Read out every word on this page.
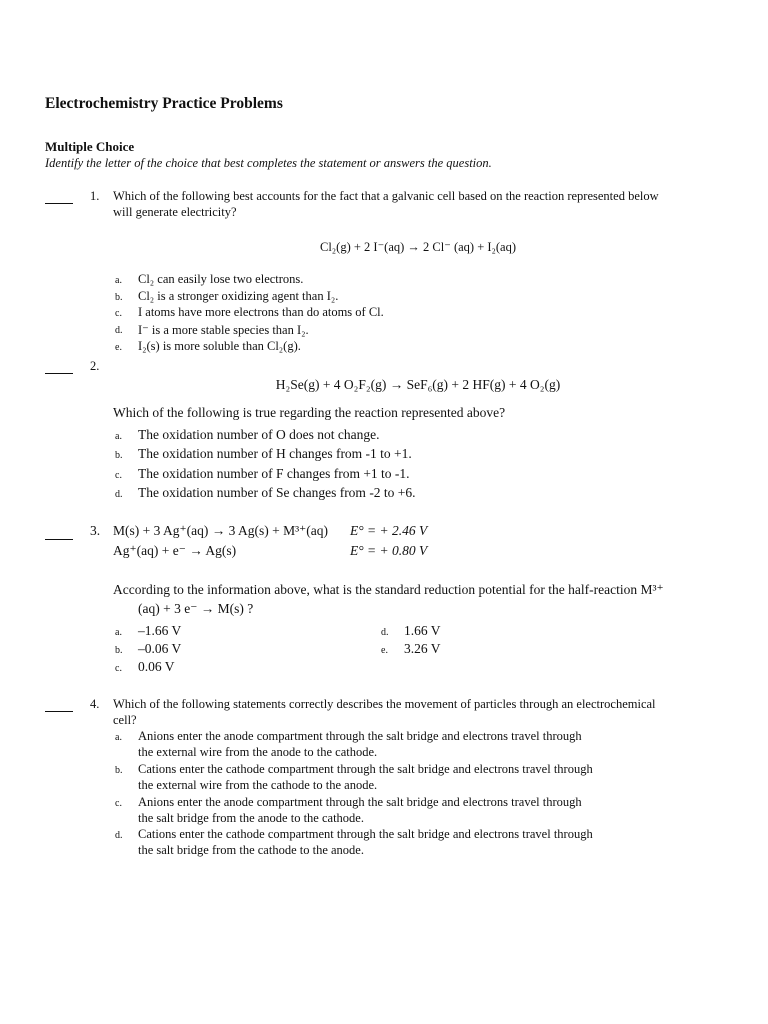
Electrochemistry Practice Problems
Multiple Choice
Identify the letter of the choice that best completes the statement or answers the question.
1. Which of the following best accounts for the fact that a galvanic cell based on the reaction represented below
will generate electricity?
Cl₂(g) + 2 I⁻(aq) → 2 Cl⁻ (aq) + I₂(aq)
a. Cl₂ can easily lose two electrons.
b. Cl₂ is a stronger oxidizing agent than I₂.
c. I atoms have more electrons than do atoms of Cl.
d. I⁻ is a more stable species than I₂.
e. I₂(s) is more soluble than Cl₂(g).
2.
H₂Se(g) + 4 O₂F₂(g) → SeF₆(g) + 2 HF(g) + 4 O₂(g)
Which of the following is true regarding the reaction represented above?
a. The oxidation number of O does not change.
b. The oxidation number of H changes from -1 to +1.
c. The oxidation number of F changes from +1 to -1.
d. The oxidation number of Se changes from -2 to +6.
3. M(s) + 3 Ag⁺(aq) → 3 Ag(s) + M³⁺(aq) E° = + 2.46 V
Ag⁺(aq) + e⁻ → Ag(s)	E° = + 0.80 V
According to the information above, what is the standard reduction potential for the half-reaction M³⁺
(aq) + 3 e⁻ → M(s) ?
a. –1.66 V
b. –0.06 V
c. 0.06 V
d. 1.66 V
e. 3.26 V
4. Which of the following statements correctly describes the movement of particles through an electrochemical
cell?
a. Anions enter the anode compartment through the salt bridge and electrons travel through
the external wire from the anode to the cathode.
b. Cations enter the cathode compartment through the salt bridge and electrons travel through
the external wire from the cathode to the anode.
c. Anions enter the anode compartment through the salt bridge and electrons travel through
the salt bridge from the anode to the cathode.
d. Cations enter the cathode compartment through the salt bridge and electrons travel through
the salt bridge from the cathode to the anode.
